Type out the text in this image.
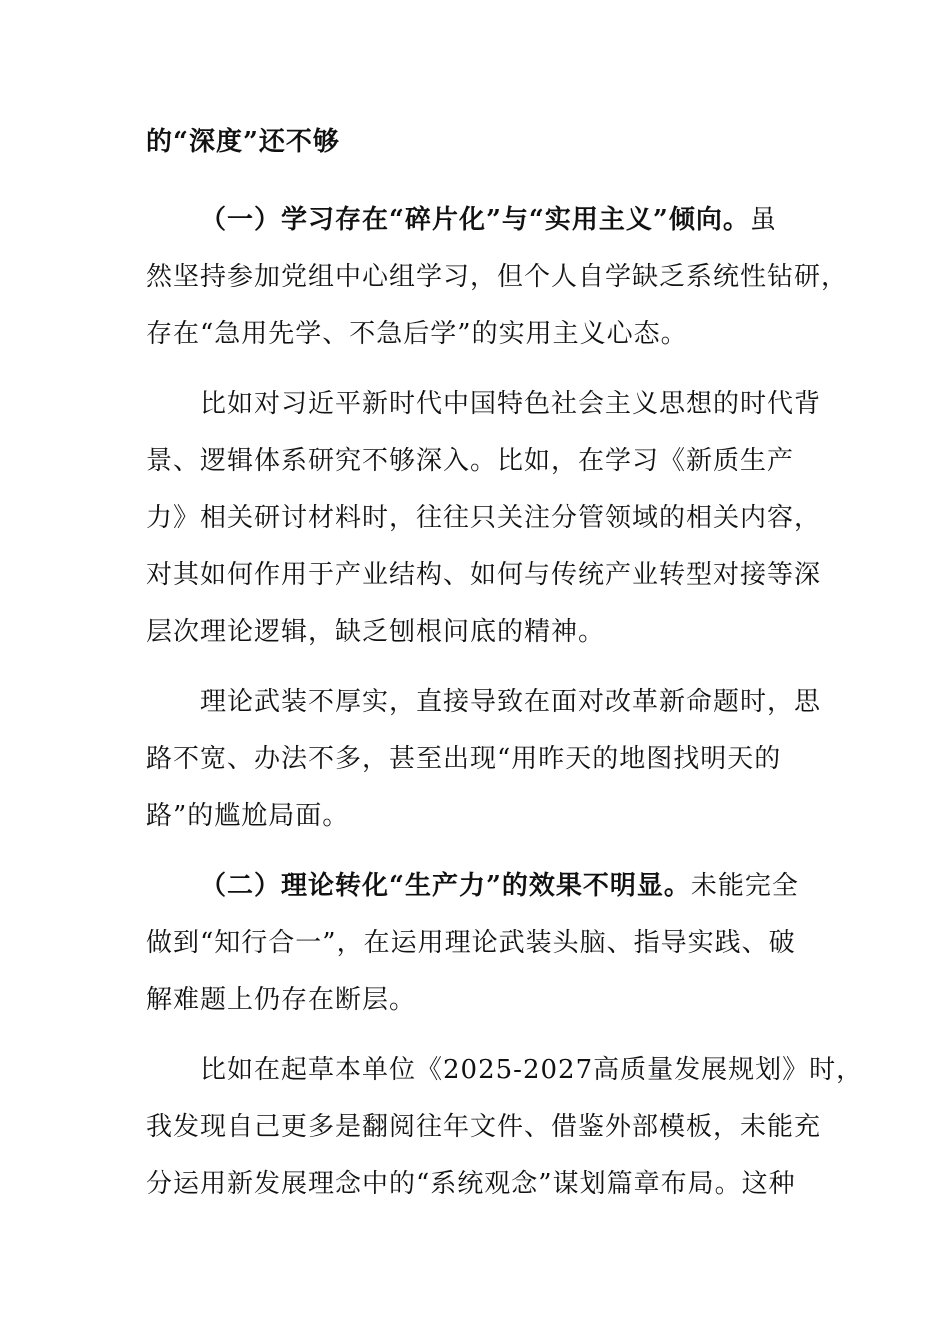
的“深度”还不够
（一）学习存在“碎片化”与“实用主义”倾向。虽
然坚持参加党组中心组学习，但个人自学缺乏系统性钻研，
存在“急用先学、不急后学”的实用主义心态。
比如对习近平新时代中国特色社会主义思想的时代背
景、逻辑体系研究不够深入。比如，在学习《新质生产
力》相关研讨材料时，往往只关注分管领域的相关内容，
对其如何作用于产业结构、如何与传统产业转型对接等深
层次理论逻辑，缺乏刨根问底的精神。
理论武装不厚实，直接导致在面对改革新命题时，思
路不宽、办法不多，甚至出现“用昨天的地图找明天的
路”的尴尬局面。
（二）理论转化“生产力”的效果不明显。未能完全
做到“知行合一”，在运用理论武装头脑、指导实践、破
解难题上仍存在断层。
比如在起草本单位《2025-2027高质量发展规划》时，
我发现自己更多是翻阅往年文件、借鉴外部模板，未能充
分运用新发展理念中的“系统观念”谋划篇章布局。这种
